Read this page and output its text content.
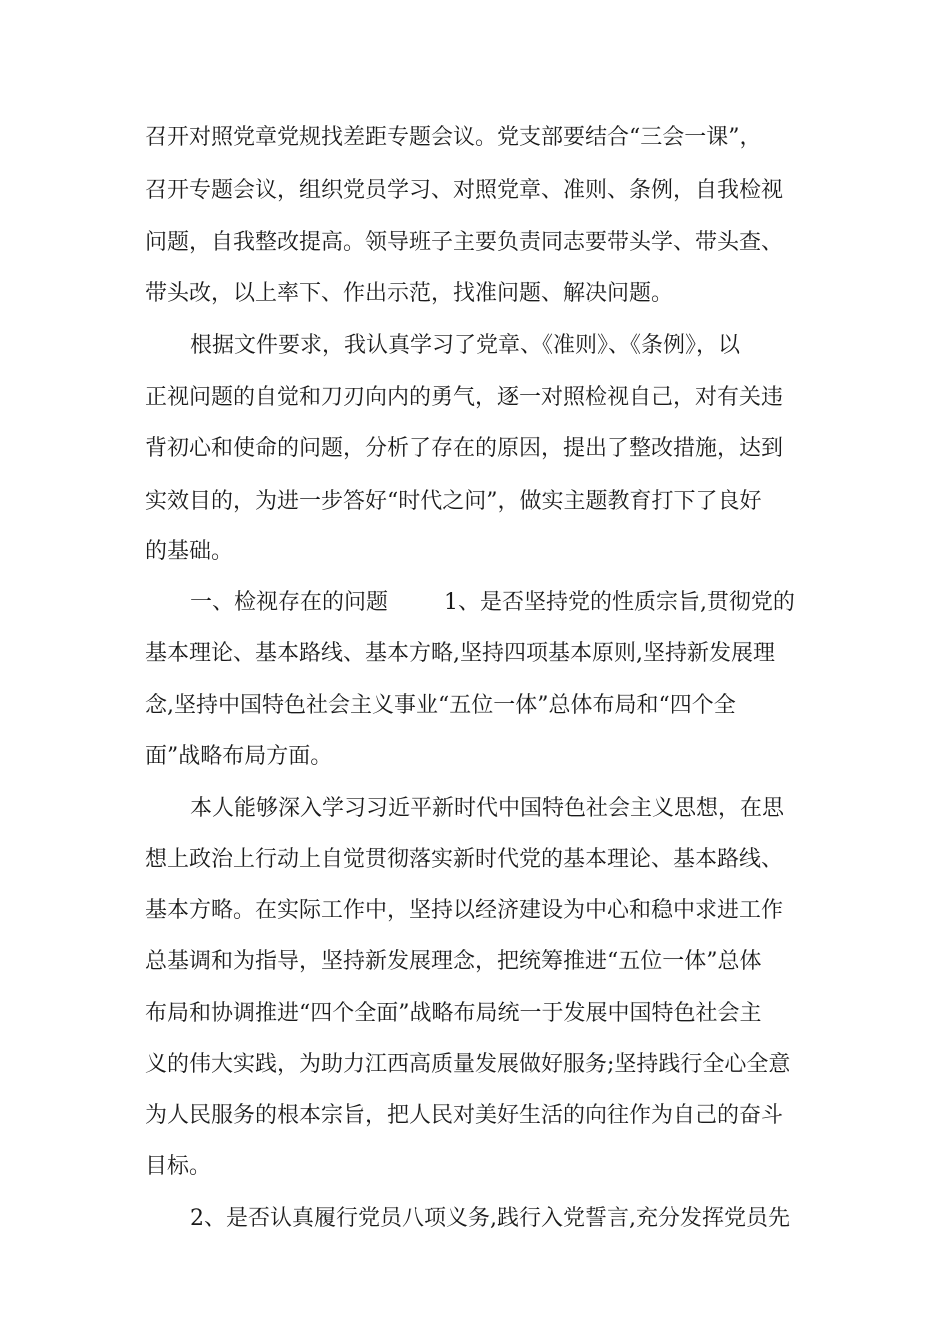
召开对照党章党规找差距专题会议。党支部要结合“三会一课”，
召开专题会议，组织党员学习、对照党章、准则、条例，自我检视
问题，自我整改提高。领导班子主要负责同志要带头学、带头查、
带头改，以上率下、作出示范，找准问题、解决问题。
根据文件要求，我认真学习了党章、《准则》、《条例》，以
正视问题的自觉和刀刃向内的勇气，逐一对照检视自己，对有关违
背初心和使命的问题，分析了存在的原因，提出了整改措施，达到
实效目的，为进一步答好“时代之问”，做实主题教育打下了良好
的基础。
一、检视存在的问题        1、是否坚持党的性质宗旨,贯彻党的
基本理论、基本路线、基本方略,坚持四项基本原则,坚持新发展理
念,坚持中国特色社会主义事业“五位一体”总体布局和“四个全
面”战略布局方面。
本人能够深入学习习近平新时代中国特色社会主义思想，在思
想上政治上行动上自觉贯彻落实新时代党的基本理论、基本路线、
基本方略。在实际工作中，坚持以经济建设为中心和稳中求进工作
总基调和为指导，坚持新发展理念，把统筹推进“五位一体”总体
布局和协调推进“四个全面”战略布局统一于发展中国特色社会主
义的伟大实践，为助力江西高质量发展做好服务;坚持践行全心全意
为人民服务的根本宗旨，把人民对美好生活的向往作为自己的奋斗
目标。
2、是否认真履行党员八项义务,践行入党誓言,充分发挥党员先
